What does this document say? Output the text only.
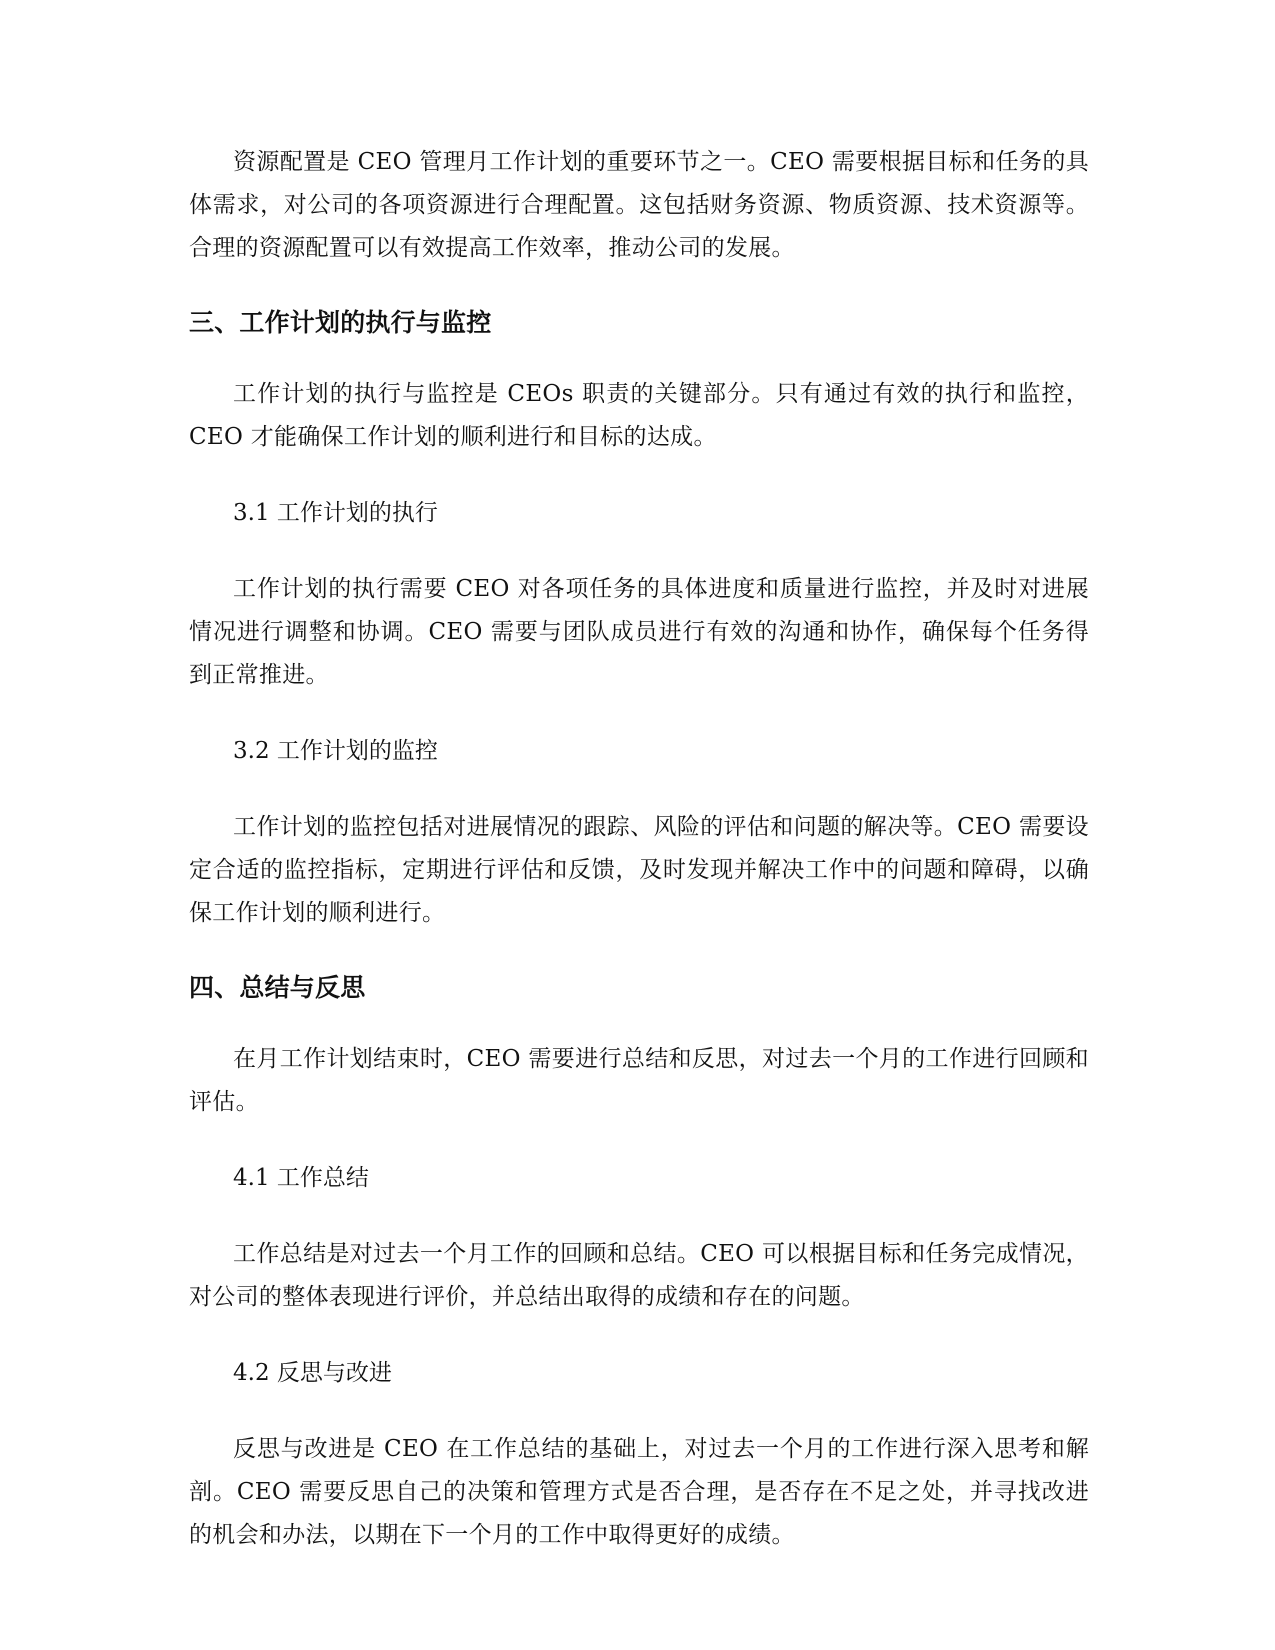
资源配置是 CEO 管理月工作计划的重要环节之一。CEO 需要根据目标和任务的具体需求，对公司的各项资源进行合理配置。这包括财务资源、物质资源、技术资源等。合理的资源配置可以有效提高工作效率，推动公司的发展。

三、工作计划的执行与监控

工作计划的执行与监控是 CEOs 职责的关键部分。只有通过有效的执行和监控，CEO 才能确保工作计划的顺利进行和目标的达成。

3.1 工作计划的执行

工作计划的执行需要 CEO 对各项任务的具体进度和质量进行监控，并及时对进展情况进行调整和协调。CEO 需要与团队成员进行有效的沟通和协作，确保每个任务得到正常推进。

3.2 工作计划的监控

工作计划的监控包括对进展情况的跟踪、风险的评估和问题的解决等。CEO 需要设定合适的监控指标，定期进行评估和反馈，及时发现并解决工作中的问题和障碍，以确保工作计划的顺利进行。

四、总结与反思

在月工作计划结束时，CEO 需要进行总结和反思，对过去一个月的工作进行回顾和评估。

4.1 工作总结

工作总结是对过去一个月工作的回顾和总结。CEO 可以根据目标和任务完成情况，对公司的整体表现进行评价，并总结出取得的成绩和存在的问题。

4.2 反思与改进

反思与改进是 CEO 在工作总结的基础上，对过去一个月的工作进行深入思考和解剖。CEO 需要反思自己的决策和管理方式是否合理，是否存在不足之处，并寻找改进的机会和办法，以期在下一个月的工作中取得更好的成绩。
